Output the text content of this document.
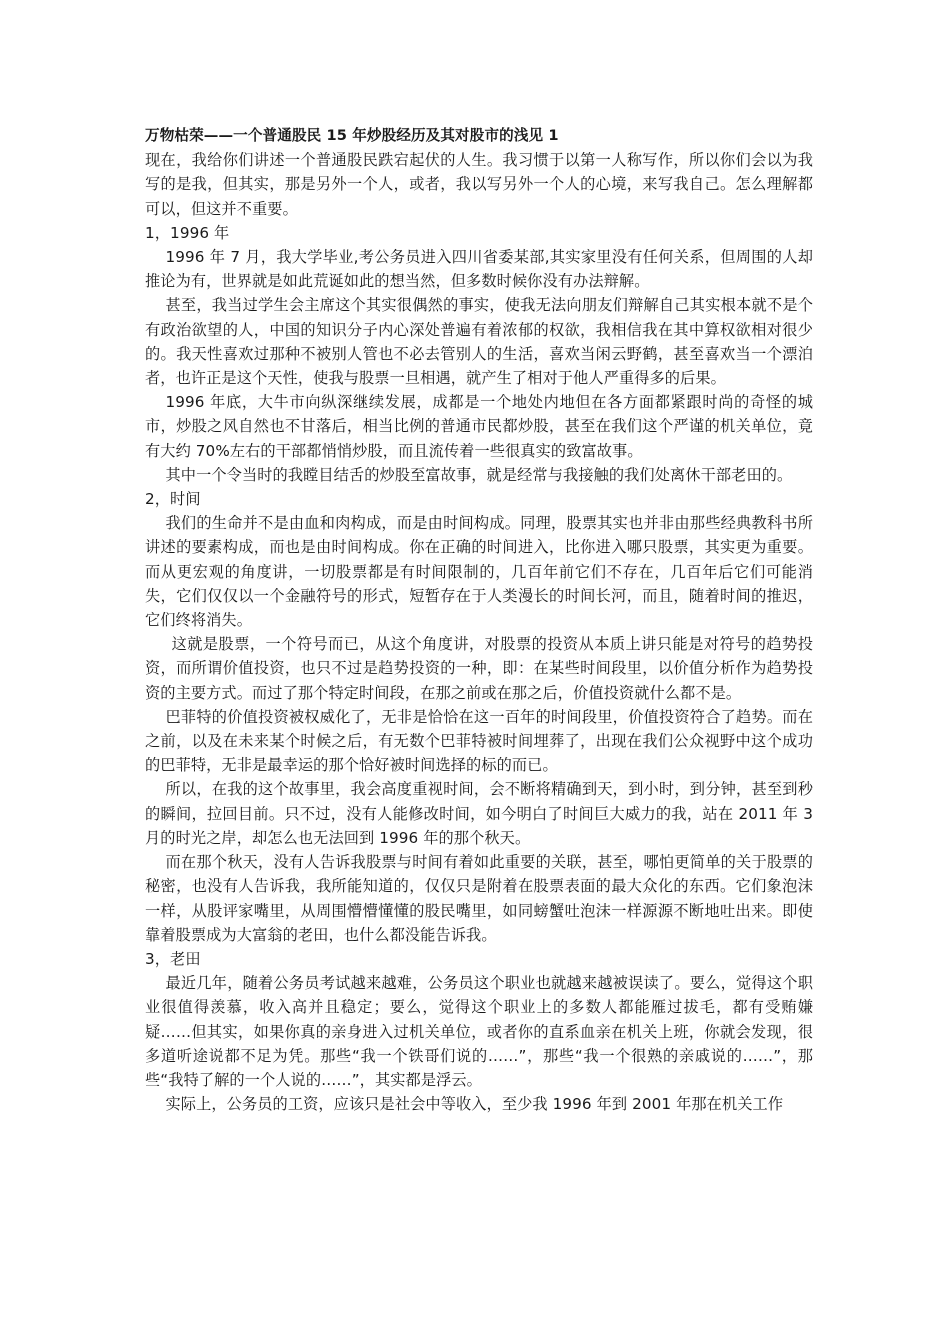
万物枯荣——一个普通股民 15 年炒股经历及其对股市的浅见 1

现在，我给你们讲述一个普通股民跌宕起伏的人生。我习惯于以第一人称写作，所以你们会以为我写的是我，但其实，那是另外一个人，或者，我以写另外一个人的心境，来写我自己。怎么理解都可以，但这并不重要。

1，1996 年

1996 年 7 月，我大学毕业,考公务员进入四川省委某部,其实家里没有任何关系，但周围的人却推论为有，世界就是如此荒诞如此的想当然，但多数时候你没有办法辩解。

甚至，我当过学生会主席这个其实很偶然的事实，使我无法向朋友们辩解自己其实根本就不是个有政治欲望的人，中国的知识分子内心深处普遍有着浓郁的权欲，我相信我在其中算权欲相对很少的。我天性喜欢过那种不被别人管也不必去管别人的生活，喜欢当闲云野鹤，甚至喜欢当一个漂泊者，也许正是这个天性，使我与股票一旦相遇，就产生了相对于他人严重得多的后果。

1996 年底，大牛市向纵深继续发展，成都是一个地处内地但在各方面都紧跟时尚的奇怪的城市，炒股之风自然也不甘落后，相当比例的普通市民都炒股，甚至在我们这个严谨的机关单位，竟有大约 70%左右的干部都悄悄炒股，而且流传着一些很真实的致富故事。

其中一个令当时的我瞠目结舌的炒股至富故事，就是经常与我接触的我们处离休干部老田的。

2，时间

我们的生命并不是由血和肉构成，而是由时间构成。同理，股票其实也并非由那些经典教科书所讲述的要素构成，而也是由时间构成。你在正确的时间进入，比你进入哪只股票，其实更为重要。而从更宏观的角度讲，一切股票都是有时间限制的，几百年前它们不存在，几百年后它们可能消失，它们仅仅以一个金融符号的形式，短暂存在于人类漫长的时间长河，而且，随着时间的推迟，它们终将消失。

这就是股票，一个符号而已，从这个角度讲，对股票的投资从本质上讲只能是对符号的趋势投资，而所谓价值投资，也只不过是趋势投资的一种，即：在某些时间段里，以价值分析作为趋势投资的主要方式。而过了那个特定时间段，在那之前或在那之后，价值投资就什么都不是。

巴菲特的价值投资被权威化了，无非是恰恰在这一百年的时间段里，价值投资符合了趋势。而在之前，以及在未来某个时候之后，有无数个巴菲特被时间埋葬了，出现在我们公众视野中这个成功的巴菲特，无非是最幸运的那个恰好被时间选择的标的而已。

所以，在我的这个故事里，我会高度重视时间，会不断将精确到天，到小时，到分钟，甚至到秒的瞬间，拉回目前。只不过，没有人能修改时间，如今明白了时间巨大威力的我，站在 2011 年 3 月的时光之岸，却怎么也无法回到 1996 年的那个秋天。

而在那个秋天，没有人告诉我股票与时间有着如此重要的关联，甚至，哪怕更简单的关于股票的秘密，也没有人告诉我，我所能知道的，仅仅只是附着在股票表面的最大众化的东西。它们象泡沫一样，从股评家嘴里，从周围懵懵懂懂的股民嘴里，如同螃蟹吐泡沫一样源源不断地吐出来。即使靠着股票成为大富翁的老田，也什么都没能告诉我。

3，老田

最近几年，随着公务员考试越来越难，公务员这个职业也就越来越被误读了。要么，觉得这个职业很值得羡慕，收入高并且稳定；要么，觉得这个职业上的多数人都能雁过拔毛，都有受贿嫌疑……但其实，如果你真的亲身进入过机关单位，或者你的直系血亲在机关上班，你就会发现，很多道听途说都不足为凭。那些“我一个铁哥们说的……”，那些“我一个很熟的亲戚说的……”，那些“我特了解的一个人说的……”，其实都是浮云。

实际上，公务员的工资，应该只是社会中等收入，至少我 1996 年到 2001 年那在机关工作
